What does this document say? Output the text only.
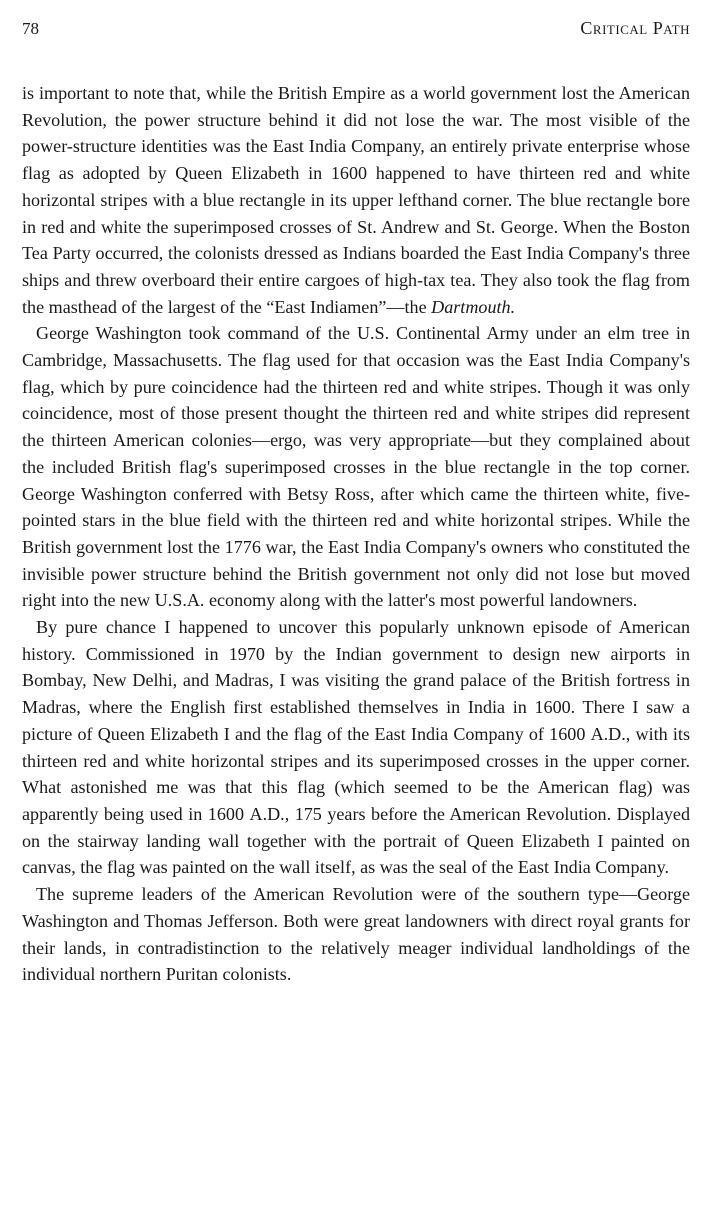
78	Critical Path

is important to note that, while the British Empire as a world government lost the American Revolution, the power structure behind it did not lose the war. The most visible of the power-structure identities was the East India Company, an entirely private enterprise whose flag as adopted by Queen Elizabeth in 1600 happened to have thirteen red and white horizontal stripes with a blue rectangle in its upper lefthand corner. The blue rectangle bore in red and white the superimposed crosses of St. Andrew and St. George. When the Boston Tea Party occurred, the colonists dressed as Indians boarded the East India Company's three ships and threw overboard their entire cargoes of high-tax tea. They also took the flag from the masthead of the largest of the “East Indiamen”—the Dartmouth.

George Washington took command of the U.S. Continental Army under an elm tree in Cambridge, Massachusetts. The flag used for that occasion was the East India Company's flag, which by pure coincidence had the thirteen red and white stripes. Though it was only coincidence, most of those present thought the thirteen red and white stripes did represent the thirteen American colonies—ergo, was very appropriate—but they complained about the included British flag's superimposed crosses in the blue rectangle in the top corner. George Washington conferred with Betsy Ross, after which came the thirteen white, five-pointed stars in the blue field with the thirteen red and white horizontal stripes. While the British government lost the 1776 war, the East India Company's owners who constituted the invisible power structure behind the British government not only did not lose but moved right into the new U.S.A. economy along with the latter's most powerful landowners.

By pure chance I happened to uncover this popularly unknown episode of American history. Commissioned in 1970 by the Indian government to design new airports in Bombay, New Delhi, and Madras, I was visiting the grand palace of the British fortress in Madras, where the English first established themselves in India in 1600. There I saw a picture of Queen Elizabeth I and the flag of the East India Company of 1600 A.D., with its thirteen red and white horizontal stripes and its superimposed crosses in the upper corner. What astonished me was that this flag (which seemed to be the American flag) was apparently being used in 1600 A.D., 175 years before the American Revolution. Displayed on the stairway landing wall together with the portrait of Queen Elizabeth I painted on canvas, the flag was painted on the wall itself, as was the seal of the East India Company.

The supreme leaders of the American Revolution were of the southern type—George Washington and Thomas Jefferson. Both were great landowners with direct royal grants for their lands, in contradistinction to the relatively meager individual landholdings of the individual northern Puritan colonists.
